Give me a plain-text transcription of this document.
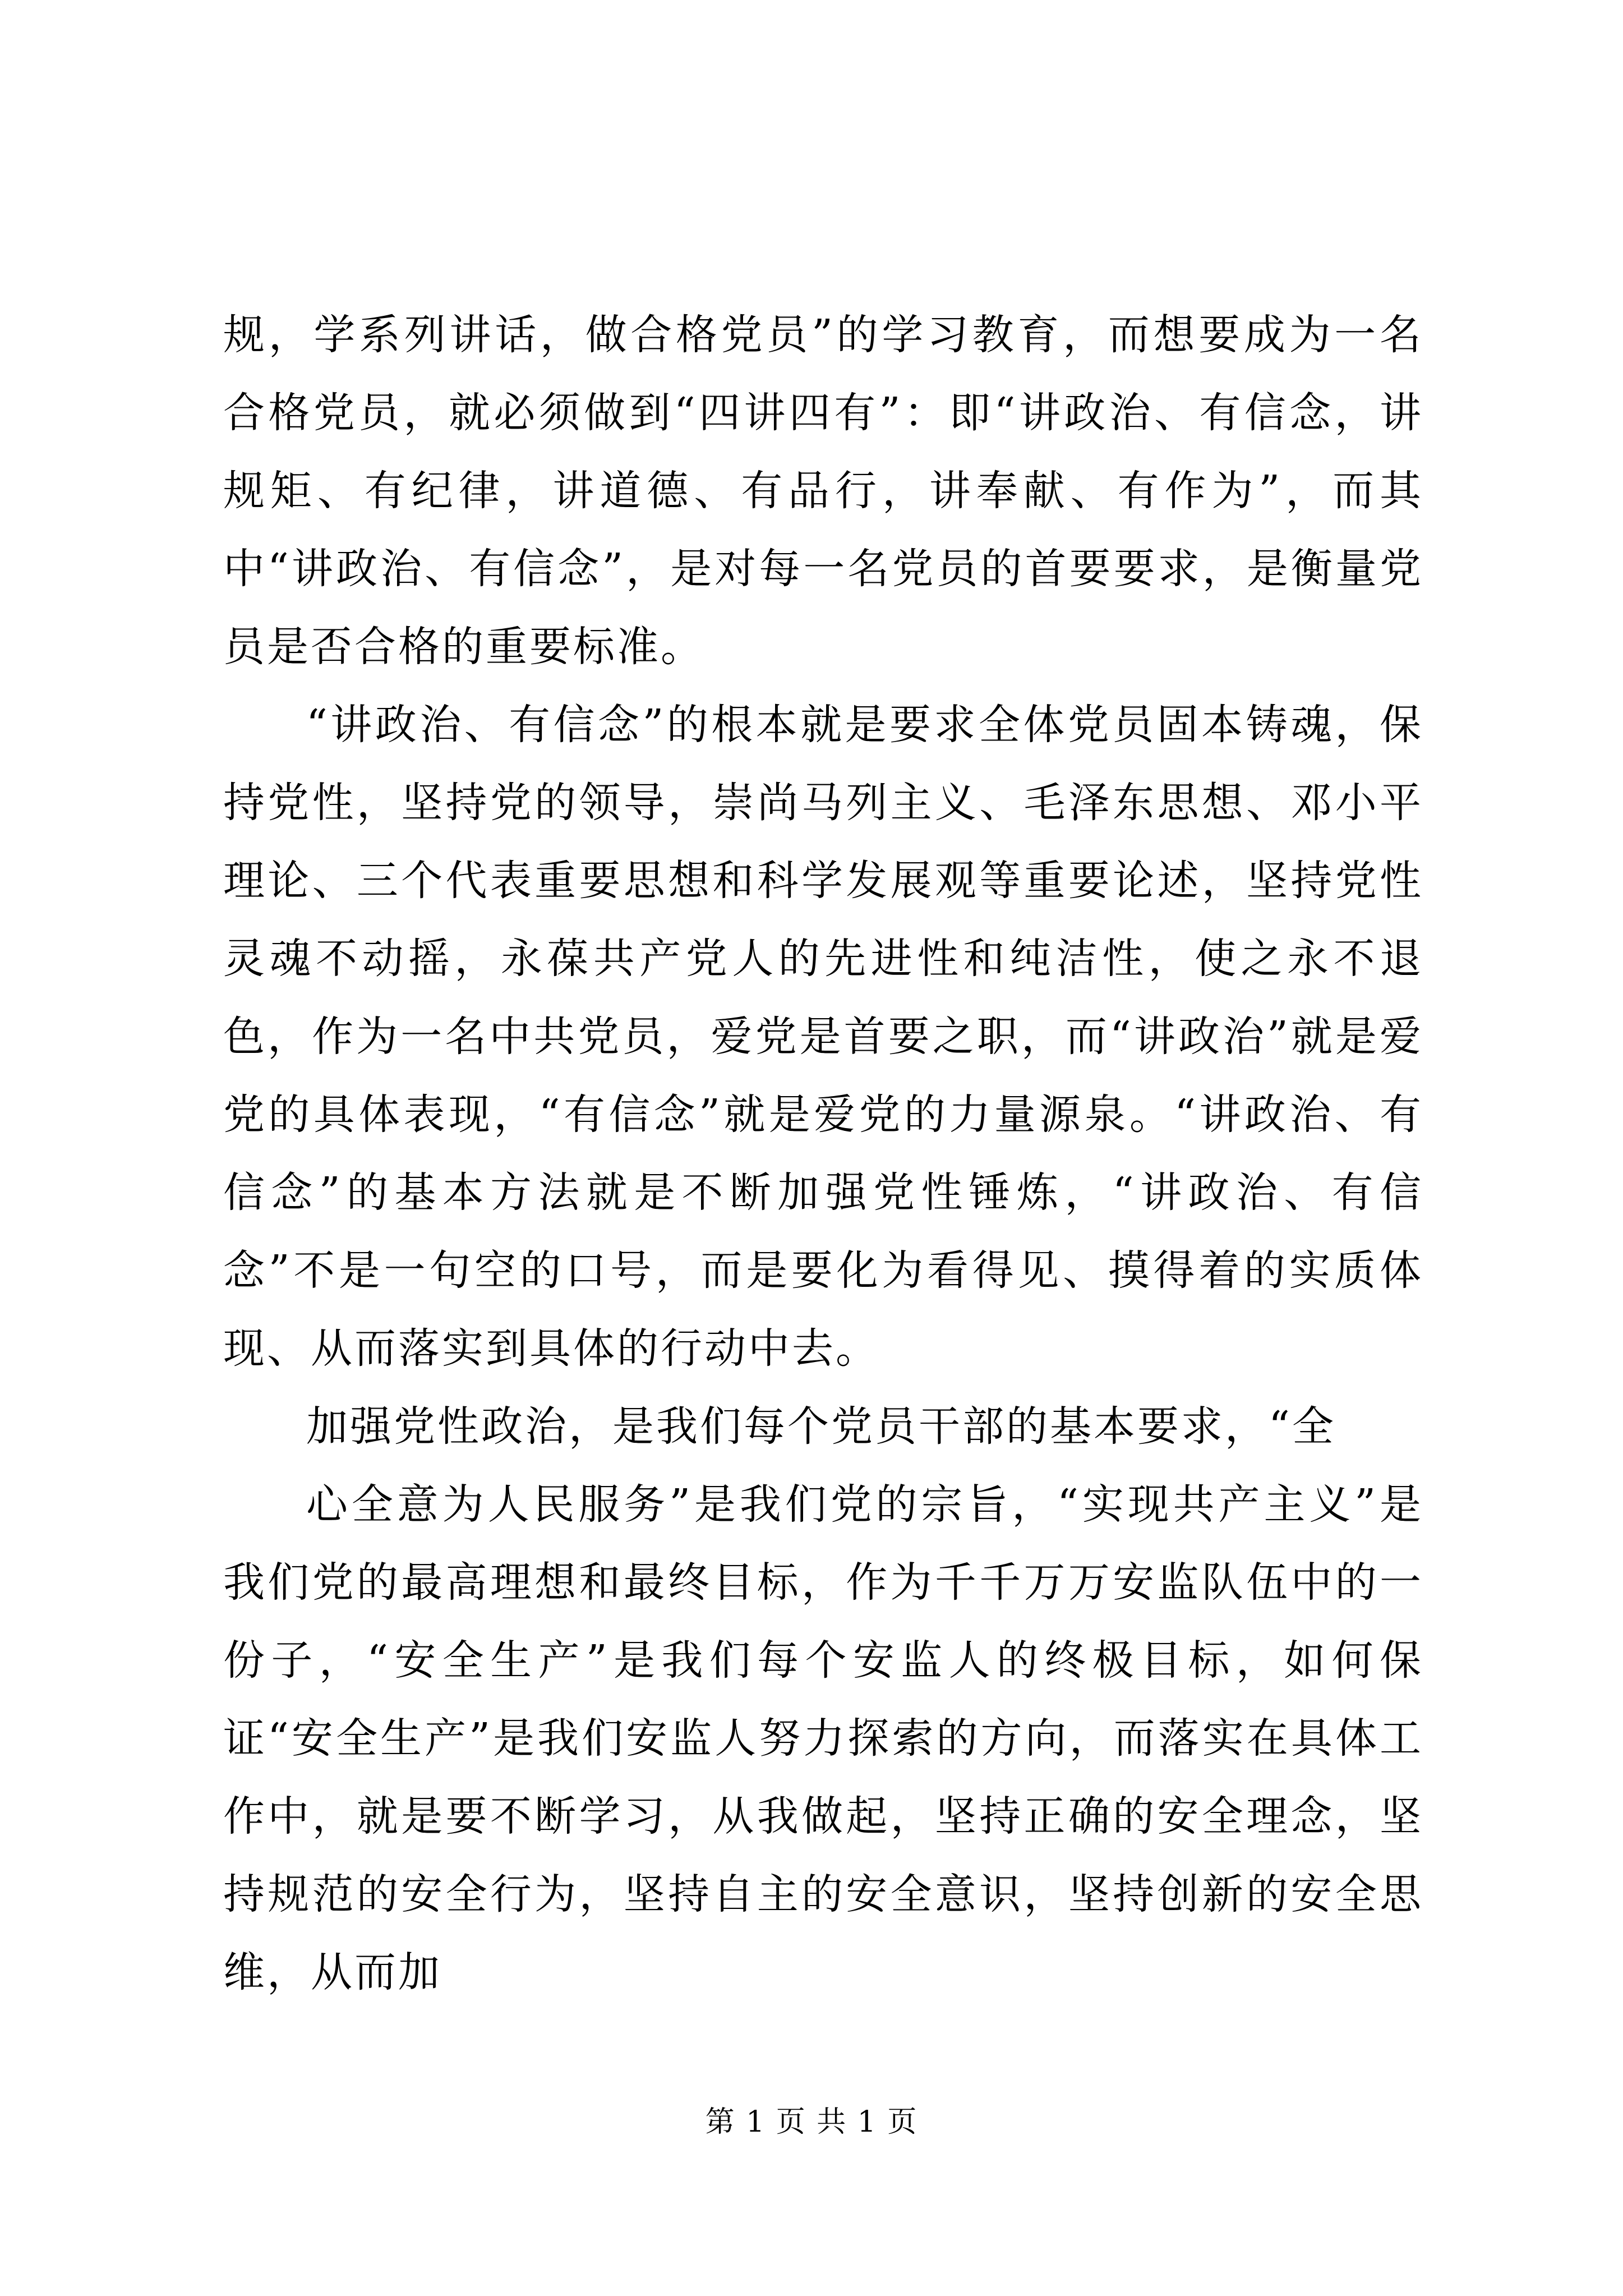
规，学系列讲话，做合格党员”的学习教育，而想要成为一名合格党员，就必须做到“四讲四有”：即“讲政治、有信念，讲规矩、有纪律，讲道德、有品行，讲奉献、有作为”，而其中“讲政治、有信念”，是对每一名党员的首要要求，是衡量党员是否合格的重要标准。

“讲政治、有信念”的根本就是要求全体党员固本铸魂，保持党性，坚持党的领导，崇尚马列主义、毛泽东思想、邓小平理论、三个代表重要思想和科学发展观等重要论述，坚持党性灵魂不动摇，永葆共产党人的先进性和纯洁性，使之永不退色，作为一名中共党员，爱党是首要之职，而“讲政治”就是爱党的具体表现，“有信念”就是爱党的力量源泉。“讲政治、有信念”的基本方法就是不断加强党性锤炼，“讲政治、有信念”不是一句空的口号，而是要化为看得见、摸得着的实质体现、从而落实到具体的行动中去。

加强党性政治，是我们每个党员干部的基本要求，“全

心全意为人民服务”是我们党的宗旨，“实现共产主义”是我们党的最高理想和最终目标，作为千千万万安监队伍中的一份子，“安全生产”是我们每个安监人的终极目标，如何保证“安全生产”是我们安监人努力探索的方向，而落实在具体工作中，就是要不断学习，从我做起，坚持正确的安全理念，坚持规范的安全行为，坚持自主的安全意识，坚持创新的安全思维，从而加

第 1 页 共 1 页
